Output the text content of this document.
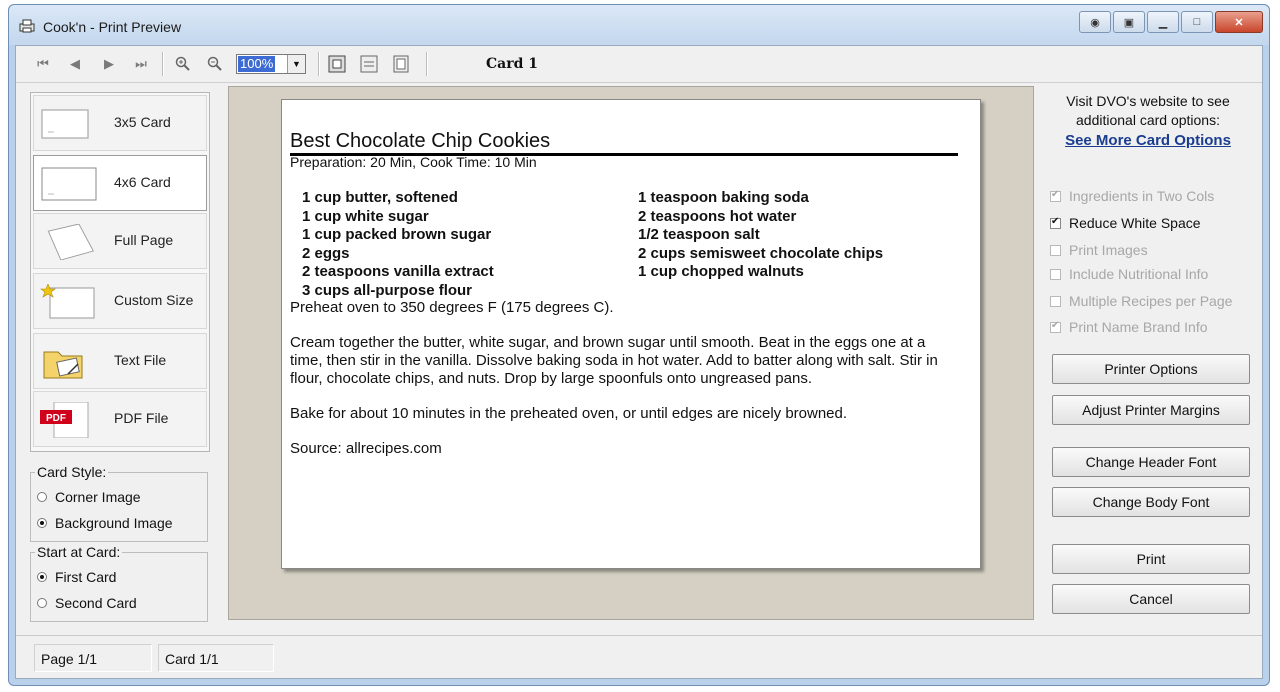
Cook'n - Print Preview	◉ ▣ ▁ □	✕
⏮	◀	▶	⏭	100%	▼	Card 1
3x5 Card
4x6 Card
Full Page
Custom Size
Text File
PDF	PDF File
Card Style:
Corner Image
Background Image
Start at Card:
First Card
Second Card
Best Chocolate Chip Cookies
Preparation: 20 Min, Cook Time: 10 Min
1 cup butter, softened
1 cup white sugar
1 cup packed brown sugar
2 eggs
2 teaspoons vanilla extract
3 cups all-purpose flour
1 teaspoon baking soda
2 teaspoons hot water
1/2 teaspoon salt
2 cups semisweet chocolate chips
1 cup chopped walnuts

Preheat oven to 350 degrees F (175 degrees C).

Cream together the butter, white sugar, and brown sugar until smooth. Beat in the eggs one at a time, then stir in the vanilla. Dissolve baking soda in hot water. Add to batter along with salt. Stir in flour, chocolate chips, and nuts. Drop by large spoonfuls onto ungreased pans.

Bake for about 10 minutes in the preheated oven, or until edges are nicely browned.

Source: allrecipes.com

Visit DVO's website to see additional card options:
See More Card Options
✔
Ingredients in Two Cols
✔
Reduce White Space
Print Images
Include Nutritional Info
Multiple Recipes per Page
✔
Print Name Brand Info
Printer Options
Adjust Printer Margins
Change Header Font
Change Body Font
Print
Cancel
Page 1/1	Card 1/1
